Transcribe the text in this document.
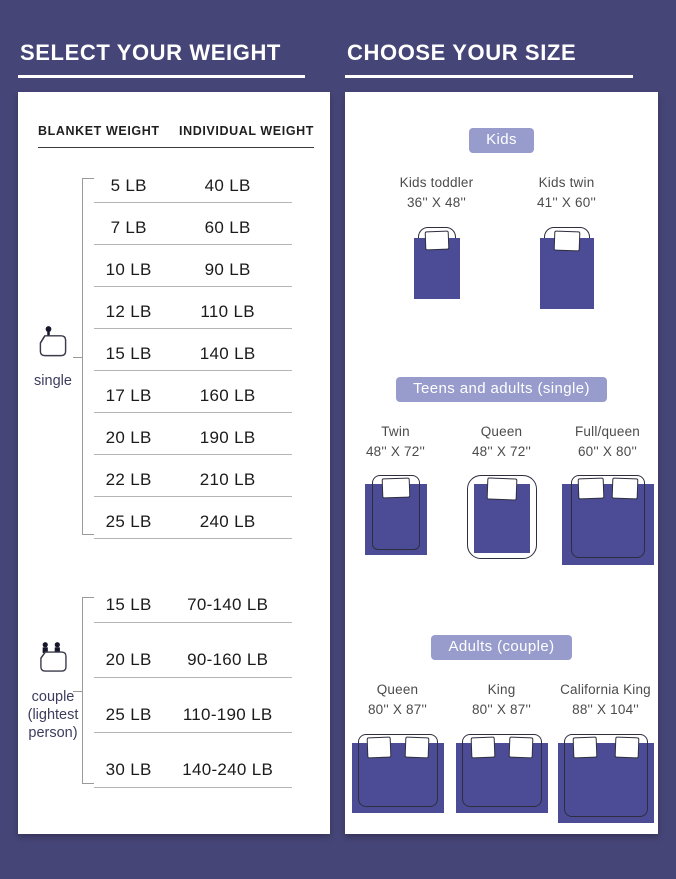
SELECT YOUR WEIGHT
BLANKET WEIGHT INDIVIDUAL WEIGHT
single
5 LB	40 LB
7 LB	60 LB
10 LB	90 LB
12 LB	110 LB
15 LB	140 LB
17 LB	160 LB
20 LB	190 LB
22 LB	210 LB
25 LB	240 LB
couple (lightest person)
15 LB	70-140 LB
20 LB	90-160 LB
25 LB	110-190 LB
30 LB	140-240 LB
CHOOSE YOUR SIZE
Kids
Kids toddler
36'' X 48''
Kids twin
41'' X 60''
Teens and adults (single)
Twin
48'' X 72''
Queen
48'' X 72''
Full/queen
60'' X 80''
Adults (couple)
Queen
80'' X 87''
King
80'' X 87''
California King
88'' X 104''
